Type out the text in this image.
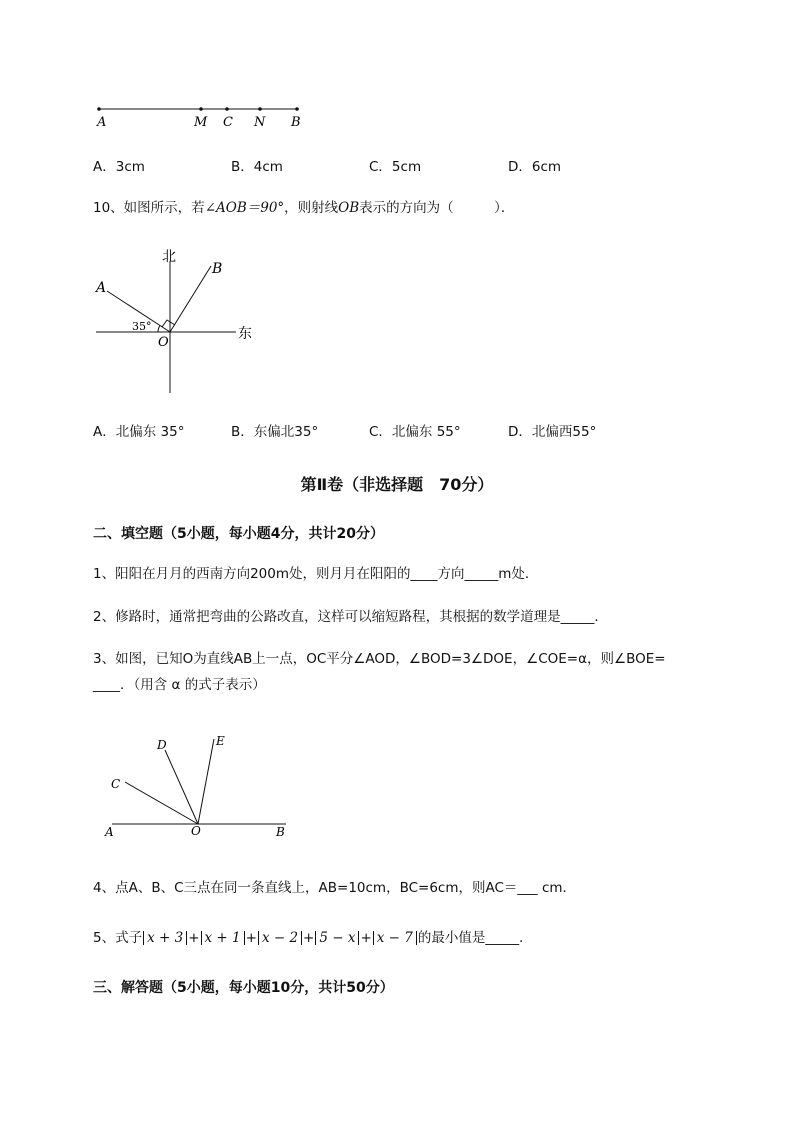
A	M C N B
A．3cm	B．4cm	C．5cm	D．6cm
10、如图所示，若∠AOB＝90°，则射线OB表示的方向为（　　　）．
北
东
A
B
O
35°
A．北偏东 35°	B．东偏北35°	C．北偏东 55°	D．北偏西55°
第Ⅱ卷（非选择题　70分）
二、填空题（5小题，每小题4分，共计20分）
1、阳阳在月月的西南方向200m处，则月月在阳阳的____方向_____m处．
2、修路时，通常把弯曲的公路改直，这样可以缩短路程，其根据的数学道理是_____．
3、如图，已知O为直线AB上一点，OC平分∠AOD，∠BOD=3∠DOE，∠COE=α，则∠BOE=
____．（用含 α 的式子表示）
A	B
O
C
D	E
4、点A、B、C三点在同一条直线上，AB=10cm，BC=6cm，则AC＝___ cm．
5、式子 x + 3 + x + 1 + x − 2 + 5 − x + x − 7 的最小值是_____．
三、解答题（5小题，每小题10分，共计50分）
